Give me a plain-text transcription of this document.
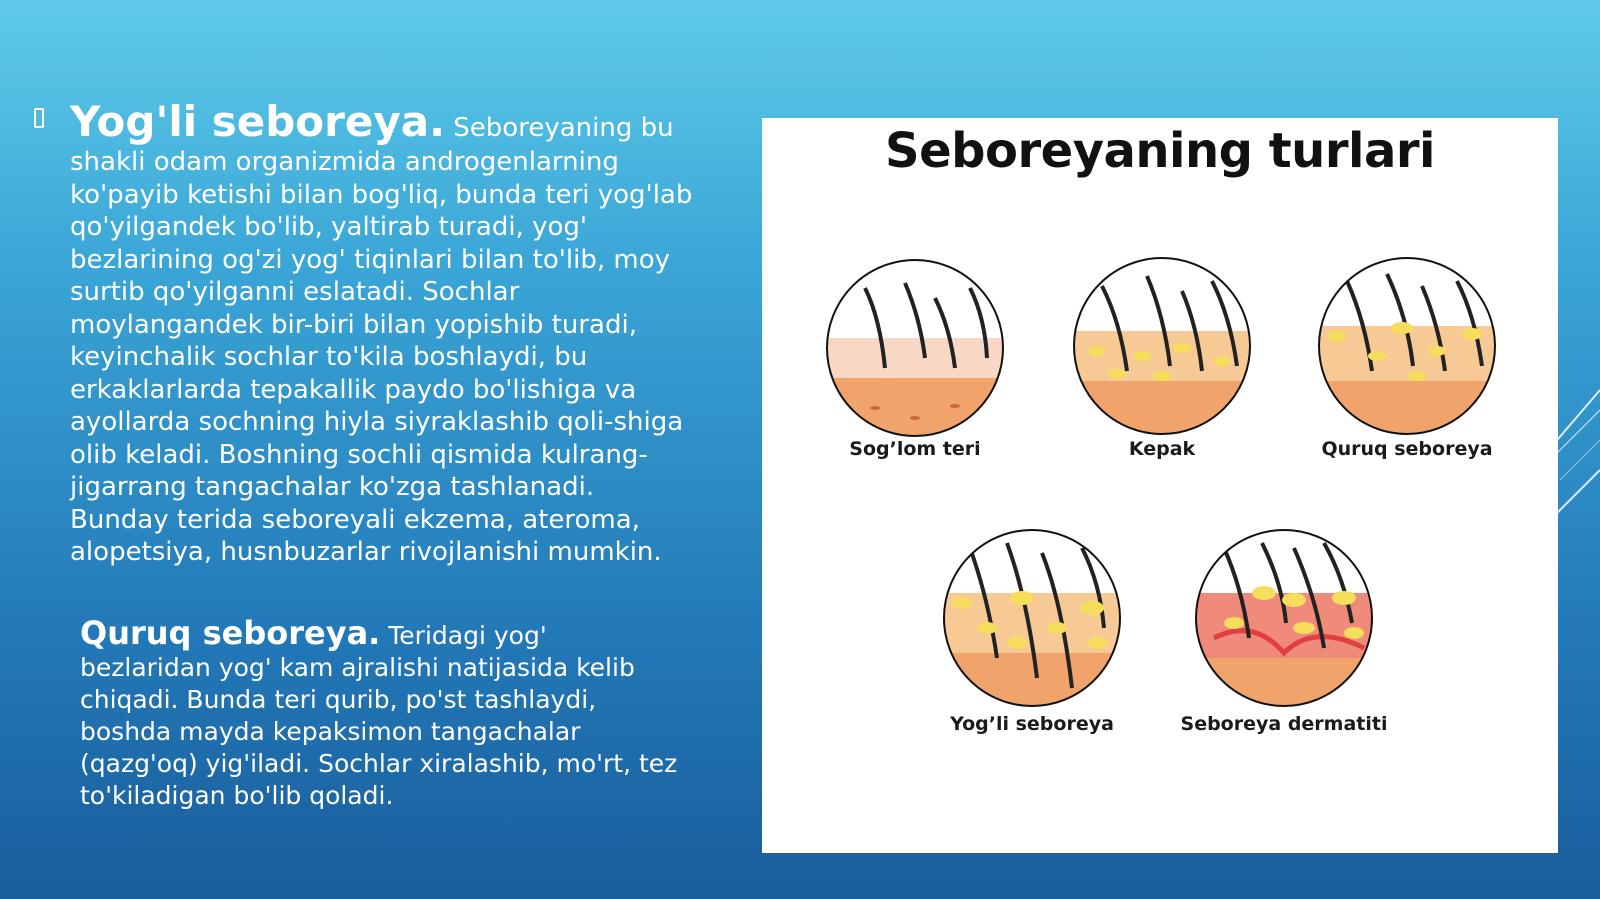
Yog'li seboreya. Seboreyaning bu shakli odam organizmida androgenlarning ko'payib ketishi bilan bog'liq, bunda teri yog'lab qo'yilgandek bo'lib, yaltirab turadi, yog' bezlarining og'zi yog' tiqinlari bilan to'lib, moy surtib qo'yilganni eslatadi. Sochlar moylangandek bir-biri bilan yopishib turadi, keyinchalik sochlar to'kila boshlaydi, bu erkaklarlarda tepakallik paydo bo'lishiga va ayollarda sochning hiyla siyraklashib qoli-shiga olib keladi. Boshning sochli qismida kulrang-jigarrang tangachalar ko'zga tashlanadi. Bunday terida seboreyali ekzema, ateroma, alopetsiya, husnbuzarlar rivojlanishi mumkin.
Quruq seboreya. Teridagi yog' bezlaridan yog' kam ajralishi natijasida kelib chiqadi. Bunda teri qurib, po'st tashlaydi, boshda mayda kepaksimon tangachalar (qazg'oq) yig'iladi. Sochlar xiralashib, mo'rt, tez to'kiladigan bo'lib qoladi.
Seboreyaning turlari
Sog’lom teri	Kepak	Quruq seboreya
Yog’li seboreya	Seboreya dermatiti
